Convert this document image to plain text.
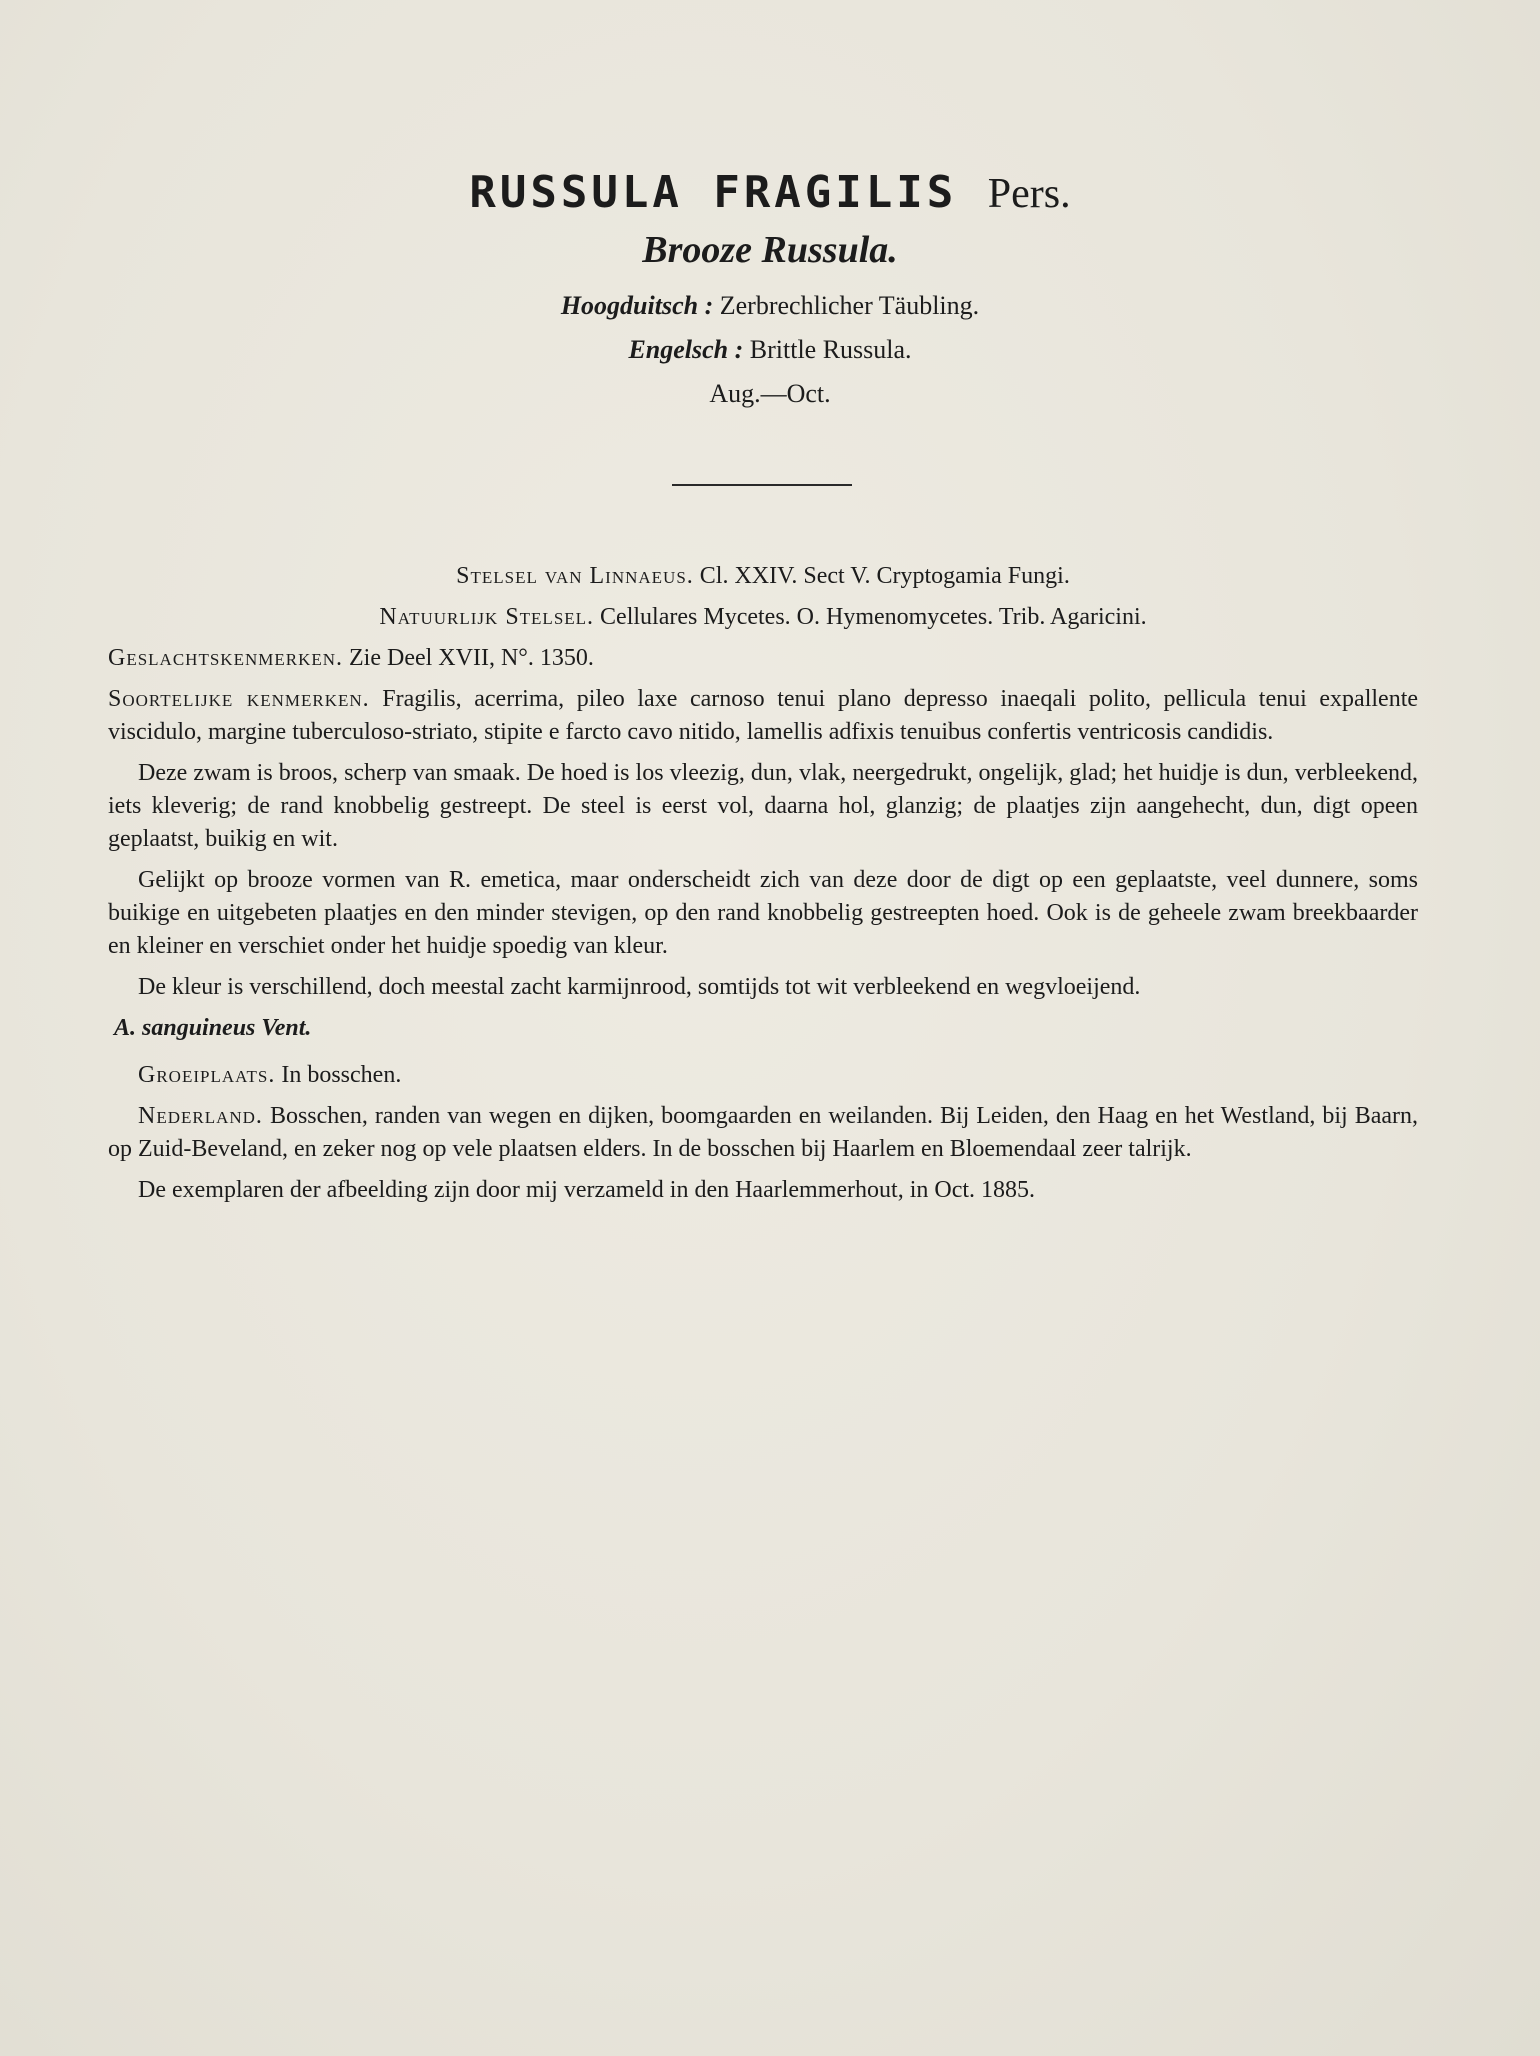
RUSSULA FRAGILIS Pers.
Brooze Russula.
Hoogduitsch : Zerbrechlicher Täubling.
Engelsch : Brittle Russula.
Aug.—Oct.

Stelsel van Linnaeus. Cl. XXIV. Sect V. Cryptogamia Fungi.

Natuurlijk Stelsel. Cellulares Mycetes. O. Hymenomycetes. Trib. Agaricini.

Geslachtskenmerken. Zie Deel XVII, N°. 1350.

Soortelijke kenmerken. Fragilis, acerrima, pileo laxe carnoso tenui plano depresso inaeqali polito, pellicula tenui expallente viscidulo, margine tuberculoso-striato, stipite e farcto cavo nitido, lamellis adfixis tenuibus confertis ventricosis candidis.

Deze zwam is broos, scherp van smaak. De hoed is los vleezig, dun, vlak, neergedrukt, ongelijk, glad; het huidje is dun, verbleekend, iets kleverig; de rand knobbelig gestreept. De steel is eerst vol, daarna hol, glanzig; de plaatjes zijn aangehecht, dun, digt opeen geplaatst, buikig en wit.

Gelijkt op brooze vormen van R. emetica, maar onderscheidt zich van deze door de digt op een geplaatste, veel dunnere, soms buikige en uitgebeten plaatjes en den minder stevigen, op den rand knobbelig gestreepten hoed. Ook is de geheele zwam breekbaarder en kleiner en verschiet onder het huidje spoedig van kleur.

De kleur is verschillend, doch meestal zacht karmijnrood, somtijds tot wit verbleekend en wegvloeijend.

A. sanguineus Vent.

Groeiplaats. In bosschen.

Nederland. Bosschen, randen van wegen en dijken, boomgaarden en weilanden. Bij Leiden, den Haag en het Westland, bij Baarn, op Zuid-Beveland, en zeker nog op vele plaatsen elders. In de bosschen bij Haarlem en Bloemendaal zeer talrijk.

De exemplaren der afbeelding zijn door mij verzameld in den Haarlemmerhout, in Oct. 1885.
